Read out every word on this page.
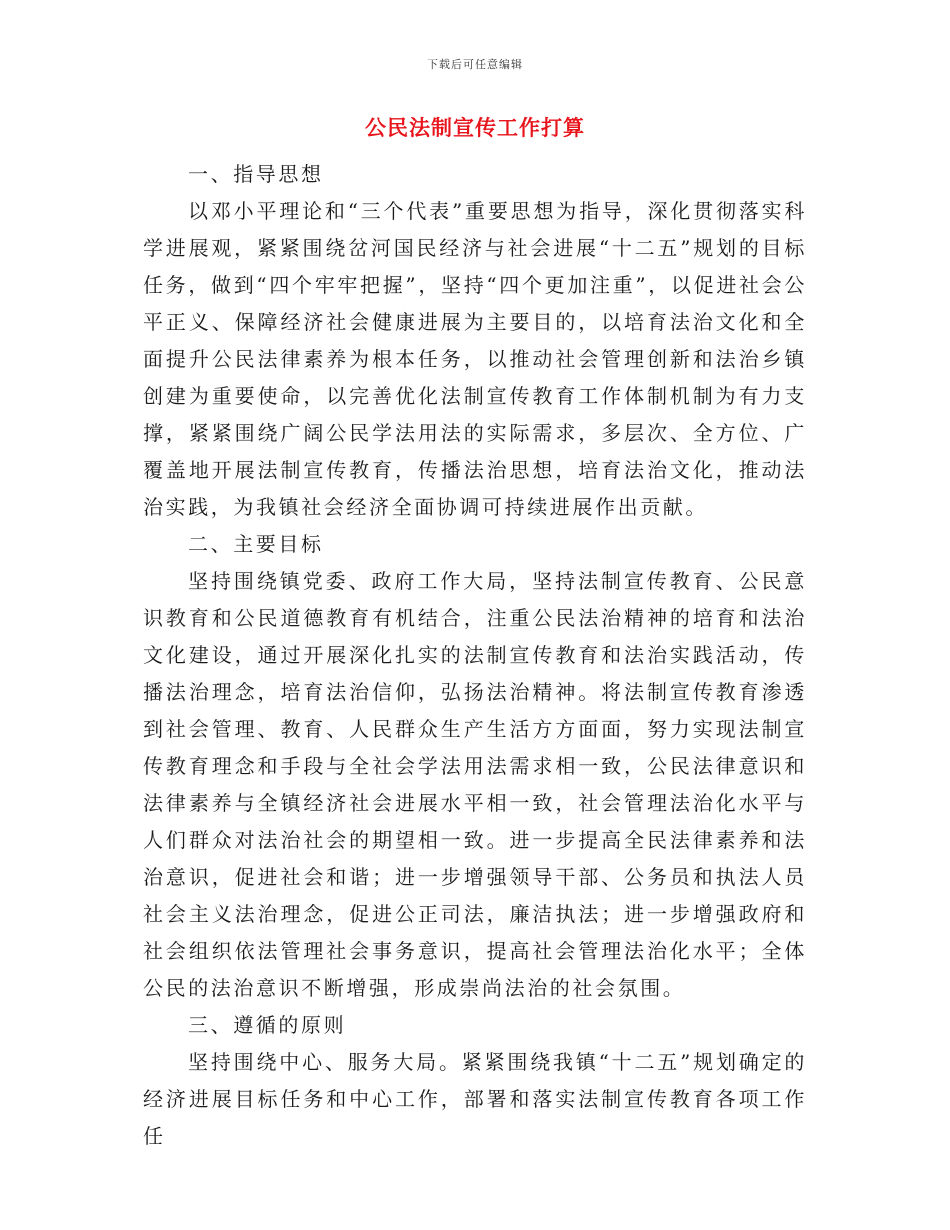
下载后可任意编辑
公民法制宣传工作打算

一、指导思想

以邓小平理论和“三个代表”重要思想为指导，深化贯彻落实科学进展观，紧紧围绕岔河国民经济与社会进展“十二五”规划的目标任务，做到“四个牢牢把握”，坚持“四个更加注重”，以促进社会公平正义、保障经济社会健康进展为主要目的，以培育法治文化和全面提升公民法律素养为根本任务，以推动社会管理创新和法治乡镇创建为重要使命，以完善优化法制宣传教育工作体制机制为有力支撑，紧紧围绕广阔公民学法用法的实际需求，多层次、全方位、广覆盖地开展法制宣传教育，传播法治思想，培育法治文化，推动法治实践，为我镇社会经济全面协调可持续进展作出贡献。

二、主要目标

坚持围绕镇党委、政府工作大局，坚持法制宣传教育、公民意识教育和公民道德教育有机结合，注重公民法治精神的培育和法治文化建设，通过开展深化扎实的法制宣传教育和法治实践活动，传播法治理念，培育法治信仰，弘扬法治精神。将法制宣传教育渗透到社会管理、教育、人民群众生产生活方方面面，努力实现法制宣传教育理念和手段与全社会学法用法需求相一致，公民法律意识和法律素养与全镇经济社会进展水平相一致，社会管理法治化水平与人们群众对法治社会的期望相一致。进一步提高全民法律素养和法治意识，促进社会和谐；进一步增强领导干部、公务员和执法人员社会主义法治理念，促进公正司法，廉洁执法；进一步增强政府和社会组织依法管理社会事务意识，提高社会管理法治化水平；全体公民的法治意识不断增强，形成崇尚法治的社会氛围。

三、遵循的原则

坚持围绕中心、服务大局。紧紧围绕我镇“十二五”规划确定的经济进展目标任务和中心工作，部署和落实法制宣传教育各项工作任
